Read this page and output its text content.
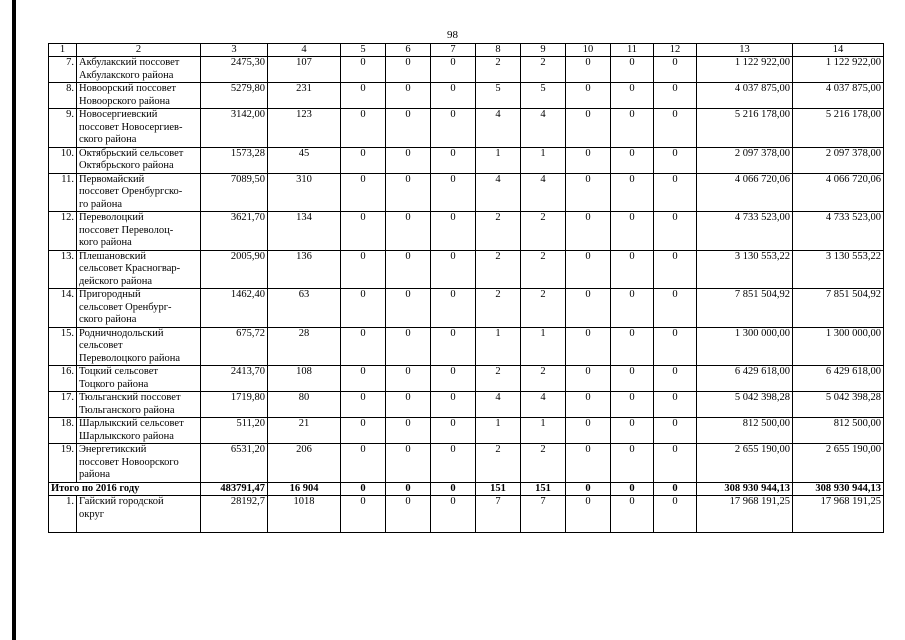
98
1	2	3	4	5	6	7	8	9	10	11	12	13	14
7.	Акбулакский поссовет
Акбулакского района	2475,30	107	0	0	0	2	2	0	0	0	1 122 922,00	1 122 922,00
8.	Новоорский поссовет
Новоорского района	5279,80	231	0	0	0	5	5	0	0	0	4 037 875,00	4 037 875,00
9.	Новосергиевский
поссовет Новосергиев-
ского района	3142,00	123	0	0	0	4	4	0	0	0	5 216 178,00	5 216 178,00
10.	Октябрьский сельсовет
Октябрьского района	1573,28	45	0	0	0	1	1	0	0	0	2 097 378,00	2 097 378,00
11.	Первомайский
поссовет Оренбургско-
го района	7089,50	310	0	0	0	4	4	0	0	0	4 066 720,06	4 066 720,06
12.	Переволоцкий
поссовет Переволоц-
кого района	3621,70	134	0	0	0	2	2	0	0	0	4 733 523,00	4 733 523,00
13.	Плешановский
сельсовет Красногвар-
дейского района	2005,90	136	0	0	0	2	2	0	0	0	3 130 553,22	3 130 553,22
14.	Пригородный
сельсовет Оренбург-
ского района	1462,40	63	0	0	0	2	2	0	0	0	7 851 504,92	7 851 504,92
15.	Родничнодольский
сельсовет
Переволоцкого района	675,72	28	0	0	0	1	1	0	0	0	1 300 000,00	1 300 000,00
16.	Тоцкий сельсовет
Тоцкого района	2413,70	108	0	0	0	2	2	0	0	0	6 429 618,00	6 429 618,00
17.	Тюльганский поссовет
Тюльганского района	1719,80	80	0	0	0	4	4	0	0	0	5 042 398,28	5 042 398,28
18.	Шарлыкский сельсовет
Шарлыкского района	511,20	21	0	0	0	1	1	0	0	0	812 500,00	812 500,00
19.	Энергетикский
поссовет Новоорского
района	6531,20	206	0	0	0	2	2	0	0	0	2 655 190,00	2 655 190,00
Итого по 2016 году		483791,47	16 904	0	0	0	151	151	0	0	0	308 930 944,13	308 930 944,13
1.	Гайский городской
округ	28192,7	1018	0	0	0	7	7	0	0	0	17 968 191,25	17 968 191,25
